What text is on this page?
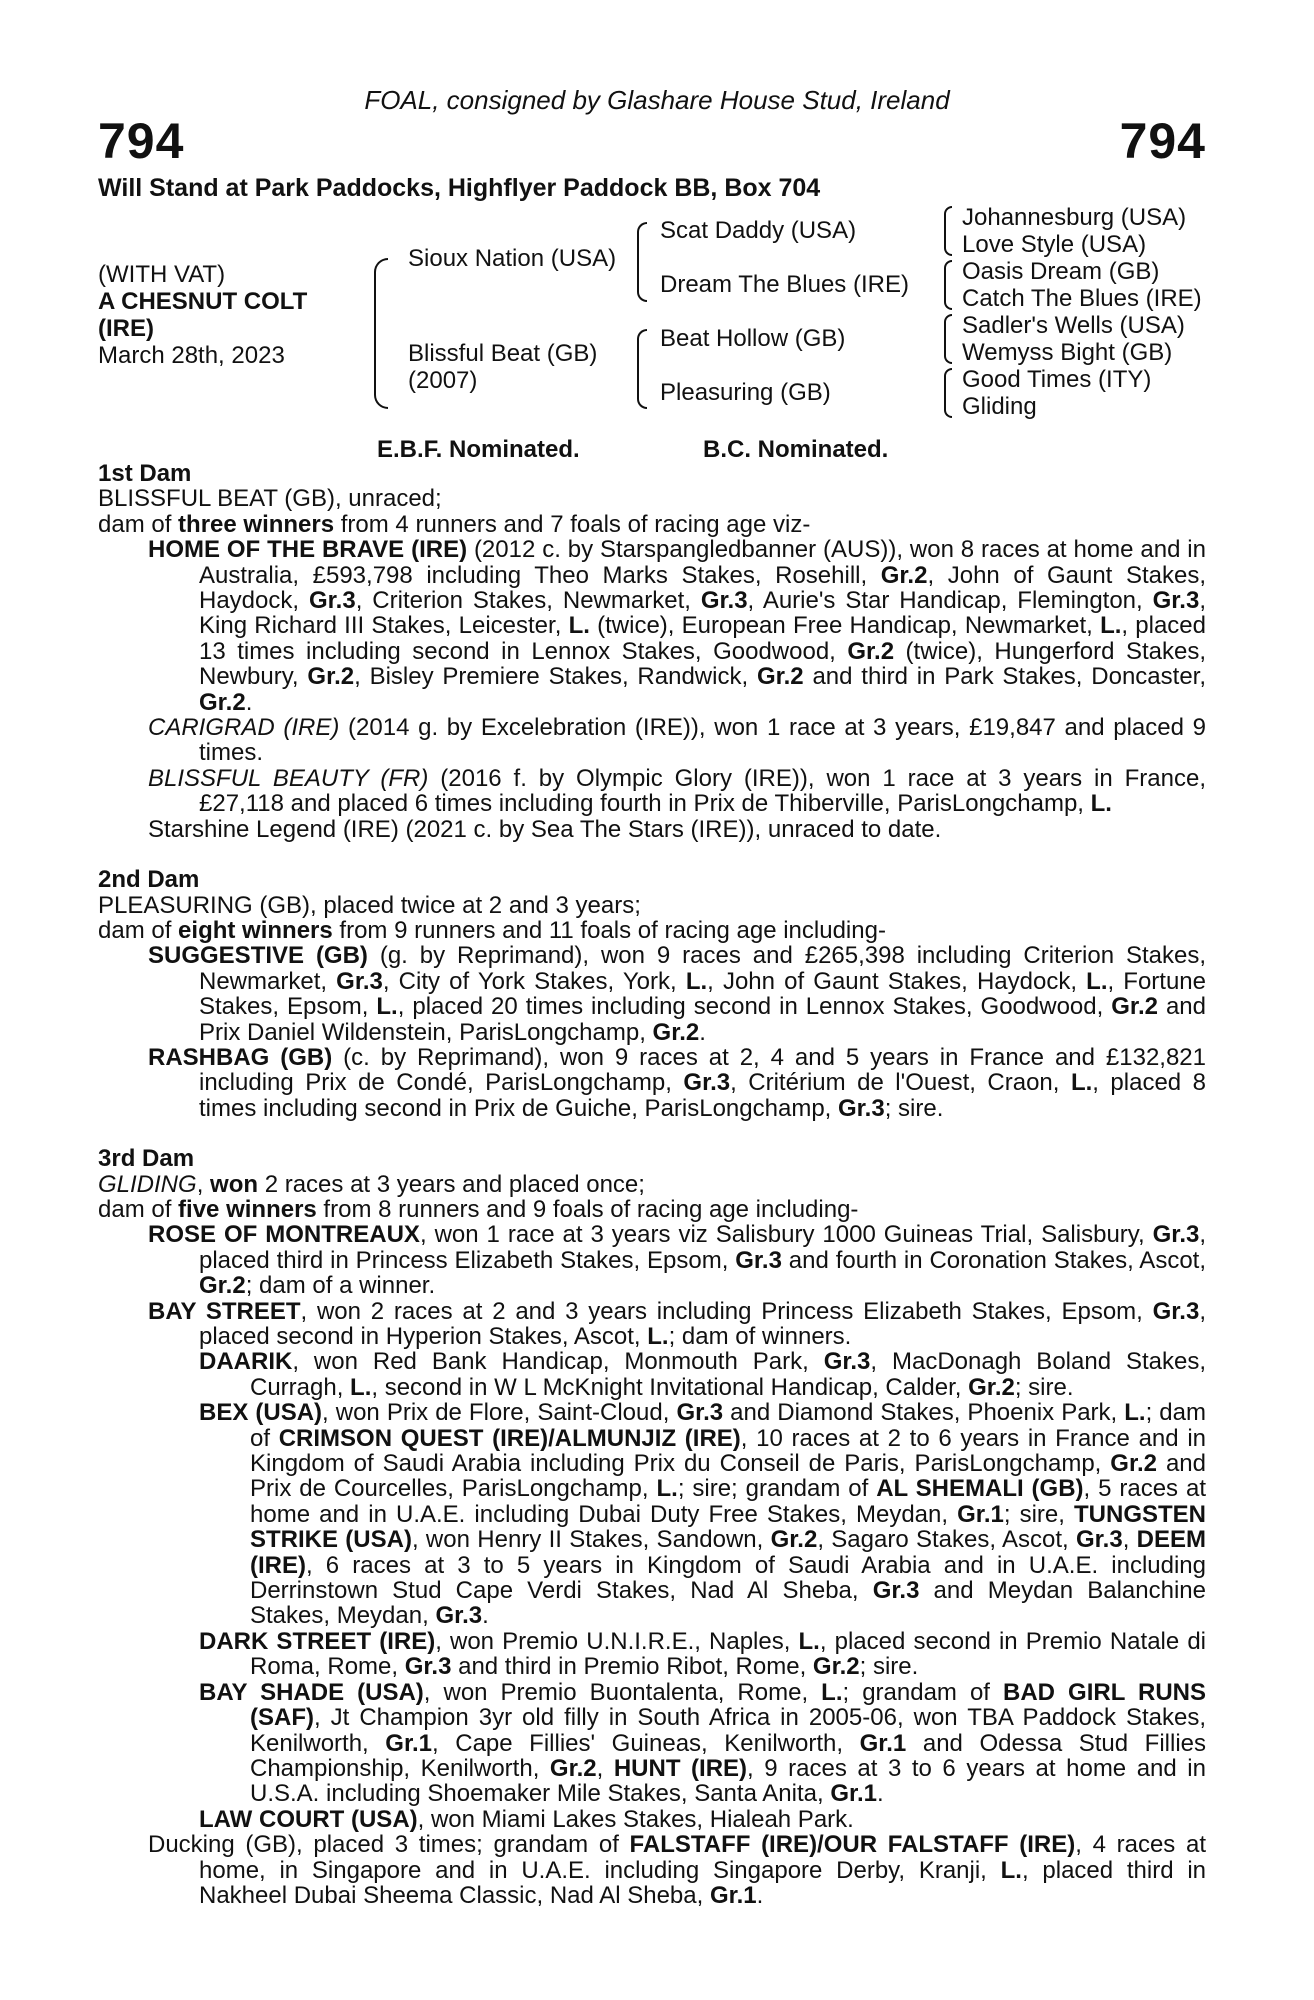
FOAL, consigned by Glashare House Stud, Ireland
794	794
Will Stand at Park Paddocks, Highflyer Paddock BB, Box 704
(WITH VAT)
A CHESNUT COLT
(IRE)
March 28th, 2023
Sioux Nation (USA)
Blissful Beat (GB)
(2007)
Scat Daddy (USA)
Dream The Blues (IRE)
Beat Hollow (GB)
Pleasuring (GB)
Johannesburg (USA)
Love Style (USA)
Oasis Dream (GB)
Catch The Blues (IRE)
Sadler's Wells (USA)
Wemyss Bight (GB)
Good Times (ITY)
Gliding
E.B.F. Nominated.	B.C. Nominated.

1st Dam

BLISSFUL BEAT (GB), unraced;

dam of three winners from 4 runners and 7 foals of racing age viz-

HOME OF THE BRAVE (IRE) (2012 c. by Starspangledbanner (AUS)), won 8 races at home and in Australia, £593,798 including Theo Marks Stakes, Rosehill, Gr.2, John of Gaunt Stakes, Haydock, Gr.3, Criterion Stakes, Newmarket, Gr.3, Aurie's Star Handicap, Flemington, Gr.3, King Richard III Stakes, Leicester, L. (twice), European Free Handicap, Newmarket, L., placed 13 times including second in Lennox Stakes, Goodwood, Gr.2 (twice), Hungerford Stakes, Newbury, Gr.2, Bisley Premiere Stakes, Randwick, Gr.2 and third in Park Stakes, Doncaster, Gr.2.

CARIGRAD (IRE) (2014 g. by Excelebration (IRE)), won 1 race at 3 years, £19,847 and placed 9 times.

BLISSFUL BEAUTY (FR) (2016 f. by Olympic Glory (IRE)), won 1 race at 3 years in France, £27,118 and placed 6 times including fourth in Prix de Thiberville, ParisLongchamp, L.

Starshine Legend (IRE) (2021 c. by Sea The Stars (IRE)), unraced to date.

2nd Dam

PLEASURING (GB), placed twice at 2 and 3 years;

dam of eight winners from 9 runners and 11 foals of racing age including-

SUGGESTIVE (GB) (g. by Reprimand), won 9 races and £265,398 including Criterion Stakes, Newmarket, Gr.3, City of York Stakes, York, L., John of Gaunt Stakes, Haydock, L., Fortune Stakes, Epsom, L., placed 20 times including second in Lennox Stakes, Goodwood, Gr.2 and Prix Daniel Wildenstein, ParisLongchamp, Gr.2.

RASHBAG (GB) (c. by Reprimand), won 9 races at 2, 4 and 5 years in France and £132,821 including Prix de Condé, ParisLongchamp, Gr.3, Critérium de l'Ouest, Craon, L., placed 8 times including second in Prix de Guiche, ParisLongchamp, Gr.3; sire.

3rd Dam

GLIDING, won 2 races at 3 years and placed once;

dam of five winners from 8 runners and 9 foals of racing age including-

ROSE OF MONTREAUX, won 1 race at 3 years viz Salisbury 1000 Guineas Trial, Salisbury, Gr.3, placed third in Princess Elizabeth Stakes, Epsom, Gr.3 and fourth in Coronation Stakes, Ascot, Gr.2; dam of a winner.

BAY STREET, won 2 races at 2 and 3 years including Princess Elizabeth Stakes, Epsom, Gr.3, placed second in Hyperion Stakes, Ascot, L.; dam of winners.

DAARIK, won Red Bank Handicap, Monmouth Park, Gr.3, MacDonagh Boland Stakes, Curragh, L., second in W L McKnight Invitational Handicap, Calder, Gr.2; sire.

BEX (USA), won Prix de Flore, Saint-Cloud, Gr.3 and Diamond Stakes, Phoenix Park, L.; dam of CRIMSON QUEST (IRE)/ALMUNJIZ (IRE), 10 races at 2 to 6 years in France and in Kingdom of Saudi Arabia including Prix du Conseil de Paris, ParisLongchamp, Gr.2 and Prix de Courcelles, ParisLongchamp, L.; sire; grandam of AL SHEMALI (GB), 5 races at home and in U.A.E. including Dubai Duty Free Stakes, Meydan, Gr.1; sire, TUNGSTEN STRIKE (USA), won Henry II Stakes, Sandown, Gr.2, Sagaro Stakes, Ascot, Gr.3, DEEM (IRE), 6 races at 3 to 5 years in Kingdom of Saudi Arabia and in U.A.E. including Derrinstown Stud Cape Verdi Stakes, Nad Al Sheba, Gr.3 and Meydan Balanchine Stakes, Meydan, Gr.3.

DARK STREET (IRE), won Premio U.N.I.R.E., Naples, L., placed second in Premio Natale di Roma, Rome, Gr.3 and third in Premio Ribot, Rome, Gr.2; sire.

BAY SHADE (USA), won Premio Buontalenta, Rome, L.; grandam of BAD GIRL RUNS (SAF), Jt Champion 3yr old filly in South Africa in 2005-06, won TBA Paddock Stakes, Kenilworth, Gr.1, Cape Fillies' Guineas, Kenilworth, Gr.1 and Odessa Stud Fillies Championship, Kenilworth, Gr.2, HUNT (IRE), 9 races at 3 to 6 years at home and in U.S.A. including Shoemaker Mile Stakes, Santa Anita, Gr.1.

LAW COURT (USA), won Miami Lakes Stakes, Hialeah Park.

Ducking (GB), placed 3 times; grandam of FALSTAFF (IRE)/OUR FALSTAFF (IRE), 4 races at home, in Singapore and in U.A.E. including Singapore Derby, Kranji, L., placed third in Nakheel Dubai Sheema Classic, Nad Al Sheba, Gr.1.
